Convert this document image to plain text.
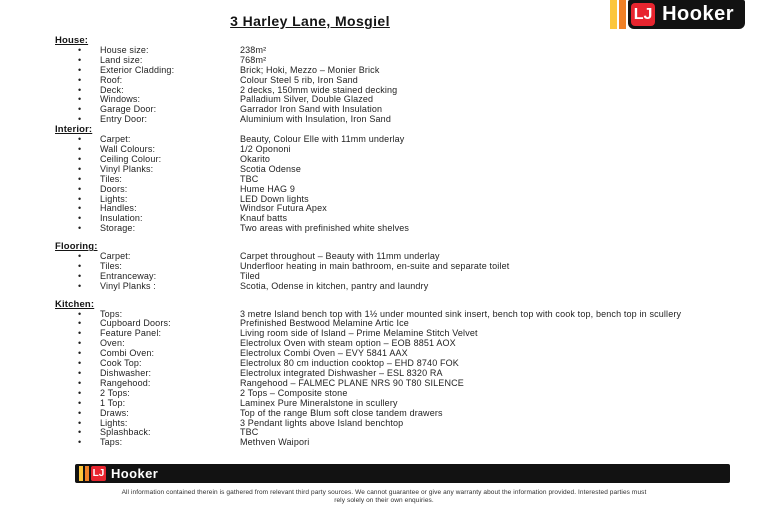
3 Harley Lane, Mosgiel	LJ Hooker
House:
•	House size:	238m²
•	Land size:	768m²
•	Exterior Cladding:	Brick; Hoki, Mezzo – Monier Brick
•	Roof:	Colour Steel 5 rib, Iron Sand
•	Deck:	2 decks, 150mm wide stained decking
•	Windows:	Palladium Silver, Double Glazed
•	Garage Door:	Garrador Iron Sand with Insulation
•	Entry Door:	Aluminium with Insulation, Iron Sand
Interior:
•	Carpet:	Beauty, Colour Elle with 11mm underlay
•	Wall Colours:	1/2 Opononi
•	Ceiling Colour:	Okarito
•	Vinyl Planks:	Scotia Odense
•	Tiles:	TBC
•	Doors:	Hume HAG 9
•	Lights:	LED Down lights
•	Handles:	Windsor Futura Apex
•	Insulation:	Knauf batts
•	Storage:	Two areas with prefinished white shelves
Flooring:
•	Carpet:	Carpet throughout – Beauty with 11mm underlay
•	Tiles:	Underfloor heating in main bathroom, en-suite and separate toilet
•	Entranceway:	Tiled
•	Vinyl Planks :	Scotia, Odense in kitchen, pantry and laundry
Kitchen:
•	Tops:	3 metre Island bench top with 1½ under mounted sink insert, bench top with cook top, bench top in scullery
•	Cupboard Doors:	Prefinished Bestwood Melamine Artic Ice
•	Feature Panel:	Living room side of Island – Prime Melamine Stitch Velvet
•	Oven:	Electrolux Oven with steam option – EOB 8851 AOX
•	Combi Oven:	Electrolux Combi Oven – EVY 5841 AAX
•	Cook Top:	Electrolux 80 cm induction cooktop – EHD 8740 FOK
•	Dishwasher:	Electrolux integrated Dishwasher – ESL 8320 RA
•	Rangehood:	Rangehood – FALMEC PLANE NRS 90 T80 SILENCE
•	2 Tops:	2 Tops – Composite stone
•	1 Top:	Laminex Pure Mineralstone in scullery
•	Draws:	Top of the range Blum soft close tandem drawers
•	Lights:	3 Pendant lights above Island benchtop
•	Splashback:	TBC
•	Taps:	Methven Waipori
LJ Hooker
All information contained therein is gathered from relevant third party sources. We cannot guarantee or give any warranty about the information provided. Interested parties must
rely solely on their own enquiries.
